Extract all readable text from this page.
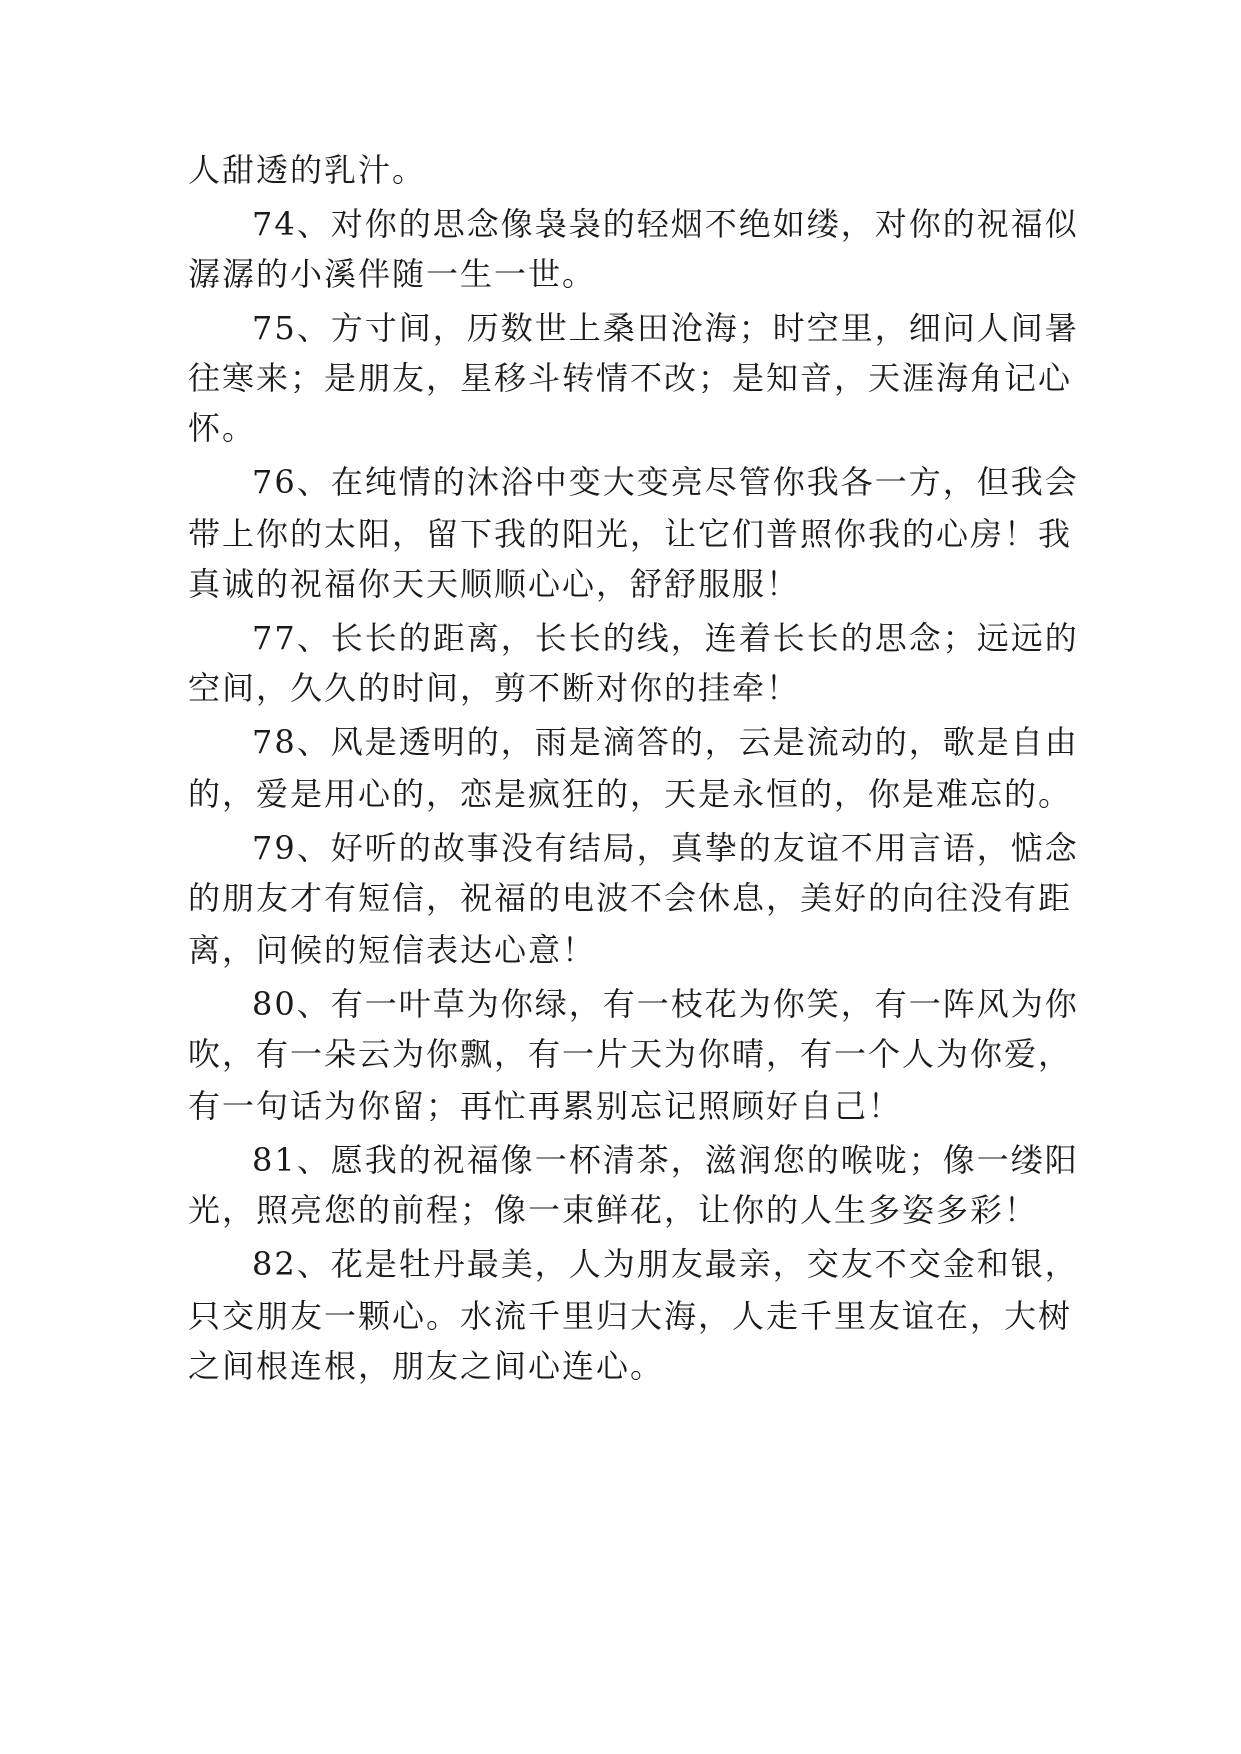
人甜透的乳汁。
74、对你的思念像袅袅的轻烟不绝如缕，对你的祝福似
潺潺的小溪伴随一生一世。
75、方寸间，历数世上桑田沧海；时空里，细问人间暑
往寒来；是朋友，星移斗转情不改；是知音，天涯海角记心
怀。
76、在纯情的沐浴中变大变亮尽管你我各一方，但我会
带上你的太阳，留下我的阳光，让它们普照你我的心房！我
真诚的祝福你天天顺顺心心，舒舒服服！
77、长长的距离，长长的线，连着长长的思念；远远的
空间，久久的时间，剪不断对你的挂牵！
78、风是透明的，雨是滴答的，云是流动的，歌是自由
的，爱是用心的，恋是疯狂的，天是永恒的，你是难忘的。
79、好听的故事没有结局，真挚的友谊不用言语，惦念
的朋友才有短信，祝福的电波不会休息，美好的向往没有距
离，问候的短信表达心意！
80、有一叶草为你绿，有一枝花为你笑，有一阵风为你
吹，有一朵云为你飘，有一片天为你晴，有一个人为你爱，
有一句话为你留；再忙再累别忘记照顾好自己！
81、愿我的祝福像一杯清茶，滋润您的喉咙；像一缕阳
光，照亮您的前程；像一束鲜花，让你的人生多姿多彩！
82、花是牡丹最美，人为朋友最亲，交友不交金和银，
只交朋友一颗心。水流千里归大海，人走千里友谊在，大树
之间根连根，朋友之间心连心。
